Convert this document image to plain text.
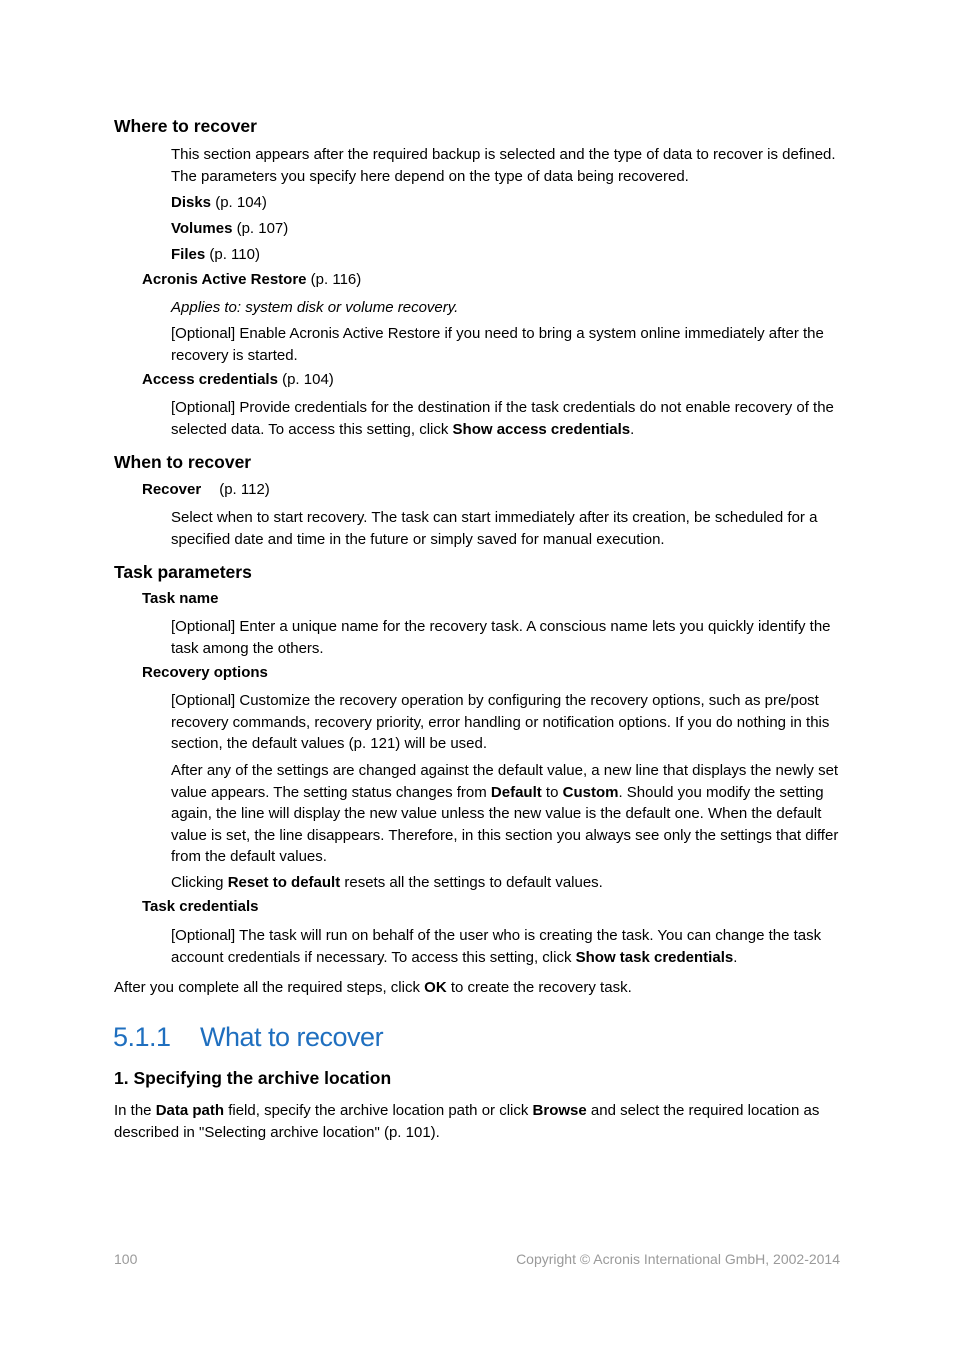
Where to recover

This section appears after the required backup is selected and the type of data to recover is defined. The parameters you specify here depend on the type of data being recovered.

Disks (p. 104)
Volumes (p. 107)
Files (p. 110)
Acronis Active Restore (p. 116)
Applies to: system disk or volume recovery.

[Optional] Enable Acronis Active Restore if you need to bring a system online immediately after the recovery is started.

Access credentials (p. 104)

[Optional] Provide credentials for the destination if the task credentials do not enable recovery of the selected data. To access this setting, click Show access credentials.

When to recover
Recover (p. 112)

Select when to start recovery. The task can start immediately after its creation, be scheduled for a specified date and time in the future or simply saved for manual execution.

Task parameters
Task name

[Optional] Enter a unique name for the recovery task. A conscious name lets you quickly identify the task among the others.

Recovery options

[Optional] Customize the recovery operation by configuring the recovery options, such as pre/post recovery commands, recovery priority, error handling or notification options. If you do nothing in this section, the default values (p. 121) will be used.

After any of the settings are changed against the default value, a new line that displays the newly set value appears. The setting status changes from Default to Custom. Should you modify the setting again, the line will display the new value unless the new value is the default one. When the default value is set, the line disappears. Therefore, in this section you always see only the settings that differ from the default values.

Clicking Reset to default resets all the settings to default values.

Task credentials

[Optional] The task will run on behalf of the user who is creating the task. You can change the task account credentials if necessary. To access this setting, click Show task credentials.

After you complete all the required steps, click OK to create the recovery task.
5.1.1 What to recover
1. Specifying the archive location
In the Data path field, specify the archive location path or click Browse and select the required location as described in "Selecting archive location" (p. 101).
100	Copyright © Acronis International GmbH, 2002-2014
